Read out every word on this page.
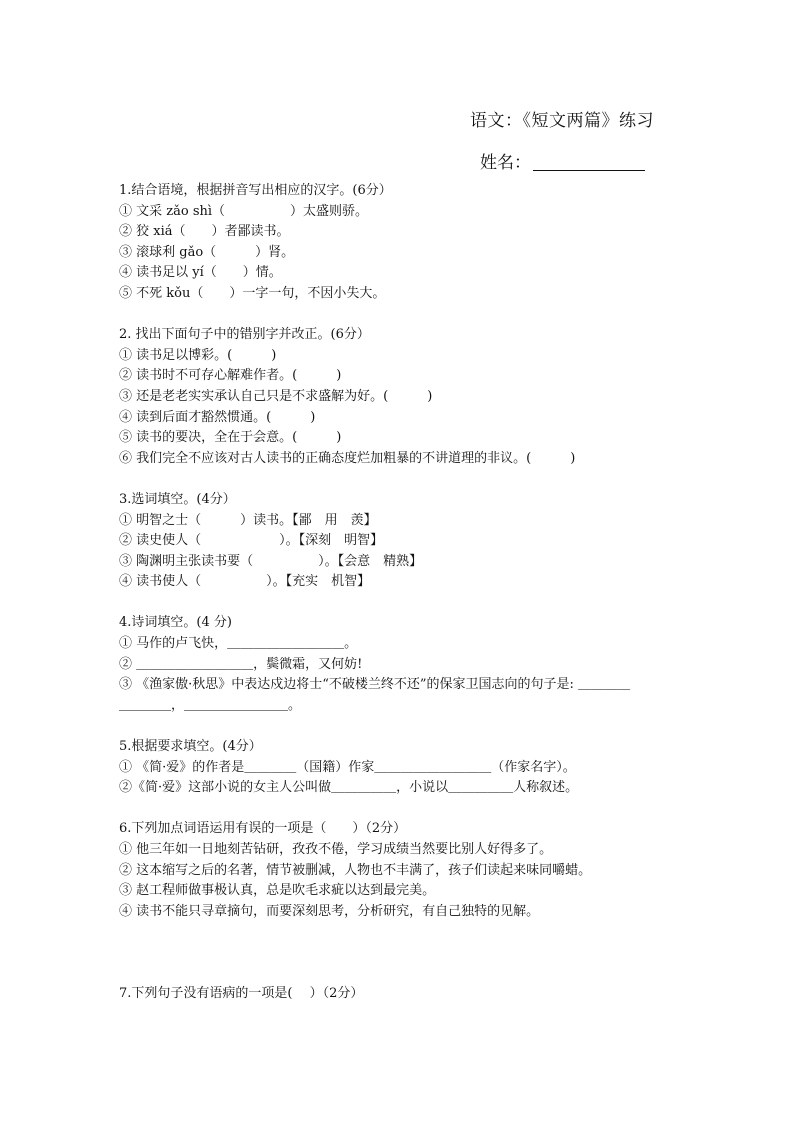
语文：《短文两篇》练习
姓名：

1.结合语境，根据拼音写出相应的汉字。(6分）

① 文采 zǎo shì（　　　　　）太盛则骄。

② 狡 xiá（　　）者鄙读书。

③ 滚球利 gǎo（　　　）肾。

④ 读书足以 yí（　　）情。

⑤ 不死 kǒu（　　）一字一句，不因小失大。

2. 找出下面句子中的错别字并改正。(6分）

① 读书足以博彩。(　　　)

② 读书时不可存心解难作者。(　　　)

③ 还是老老实实承认自己只是不求盛解为好。(　　　)

④ 读到后面才豁然惯通。(　　　)

⑤ 读书的要决，全在于会意。(　　　)

⑥ 我们完全不应该对古人读书的正确态度烂加粗暴的不讲道理的非议。(　　　)

3.选词填空。(4分）

① 明智之士（　　　）读书。【鄙　用　羡】

② 读史使人（　　　　　　）。【深刻　明智】

③ 陶渊明主张读书要（　　　　　）。【会意　精熟】

④ 读书使人（　　　　　）。【充实　机智】

4.诗词填空。(4 分)

① 马作的卢飞快，＿＿＿＿＿＿＿＿＿。

② ＿＿＿＿＿＿＿＿＿，鬓微霜，又何妨!

③ 《渔家傲·秋思》中表达戍边将士“不破楼兰终不还”的保家卫国志向的句子是: ＿＿＿＿

＿＿＿＿，＿＿＿＿＿＿＿＿。

5.根据要求填空。(4分）

① 《简·爱》的作者是＿＿＿＿（国籍）作家＿＿＿＿＿＿＿＿＿（作家名字）。

②《简·爱》这部小说的女主人公叫做＿＿＿＿＿，小说以＿＿＿＿＿人称叙述。

6.下列加点词语运用有误的一项是（　　）（2分）

① 他三年如一日地刻苦钻研，孜孜不倦，学习成绩当然要比别人好得多了。

② 这本缩写之后的名著，情节被删减，人物也不丰满了，孩子们读起来味同嚼蜡。

③ 赵工程师做事极认真，总是吹毛求疵以达到最完美。

④ 读书不能只寻章摘句，而要深刻思考，分析研究，有自己独特的见解。

7.下列句子没有语病的一项是(　 ）（2分）
